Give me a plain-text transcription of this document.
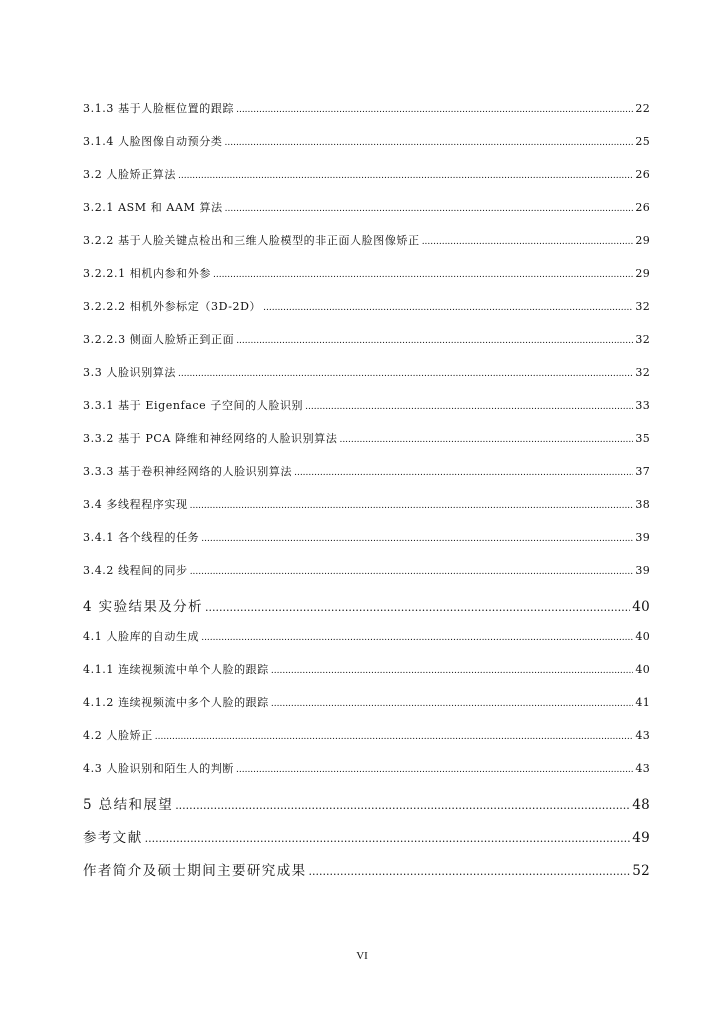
3.1.3 基于人脸框位置的跟踪 .....	22
3.1.4 人脸图像自动预分类 .....	25
3.2 人脸矫正算法 .....	26
3.2.1 ASM 和 AAM 算法 .....	26
3.2.2 基于人脸关键点检出和三维人脸模型的非正面人脸图像矫正 .....	29
3.2.2.1 相机内参和外参 .....	29
3.2.2.2 相机外参标定（3D-2D） .....	32
3.2.2.3 侧面人脸矫正到正面 .....	32
3.3 人脸识别算法 .....	32
3.3.1 基于 Eigenface 子空间的人脸识别 .....	33
3.3.2 基于 PCA 降维和神经网络的人脸识别算法 .....	35
3.3.3 基于卷积神经网络的人脸识别算法 .....	37
3.4 多线程程序实现 .....	38
3.4.1 各个线程的任务 .....	39
3.4.2 线程间的同步 .....	39
4 实验结果及分析 .....	40
4.1 人脸库的自动生成 .....	40
4.1.1 连续视频流中单个人脸的跟踪 .....	40
4.1.2 连续视频流中多个人脸的跟踪 .....	41
4.2 人脸矫正 .....	43
4.3 人脸识别和陌生人的判断 .....	43
5 总结和展望 .....	48
参考文献 .....	49
作者简介及硕士期间主要研究成果 .....	52
VI
